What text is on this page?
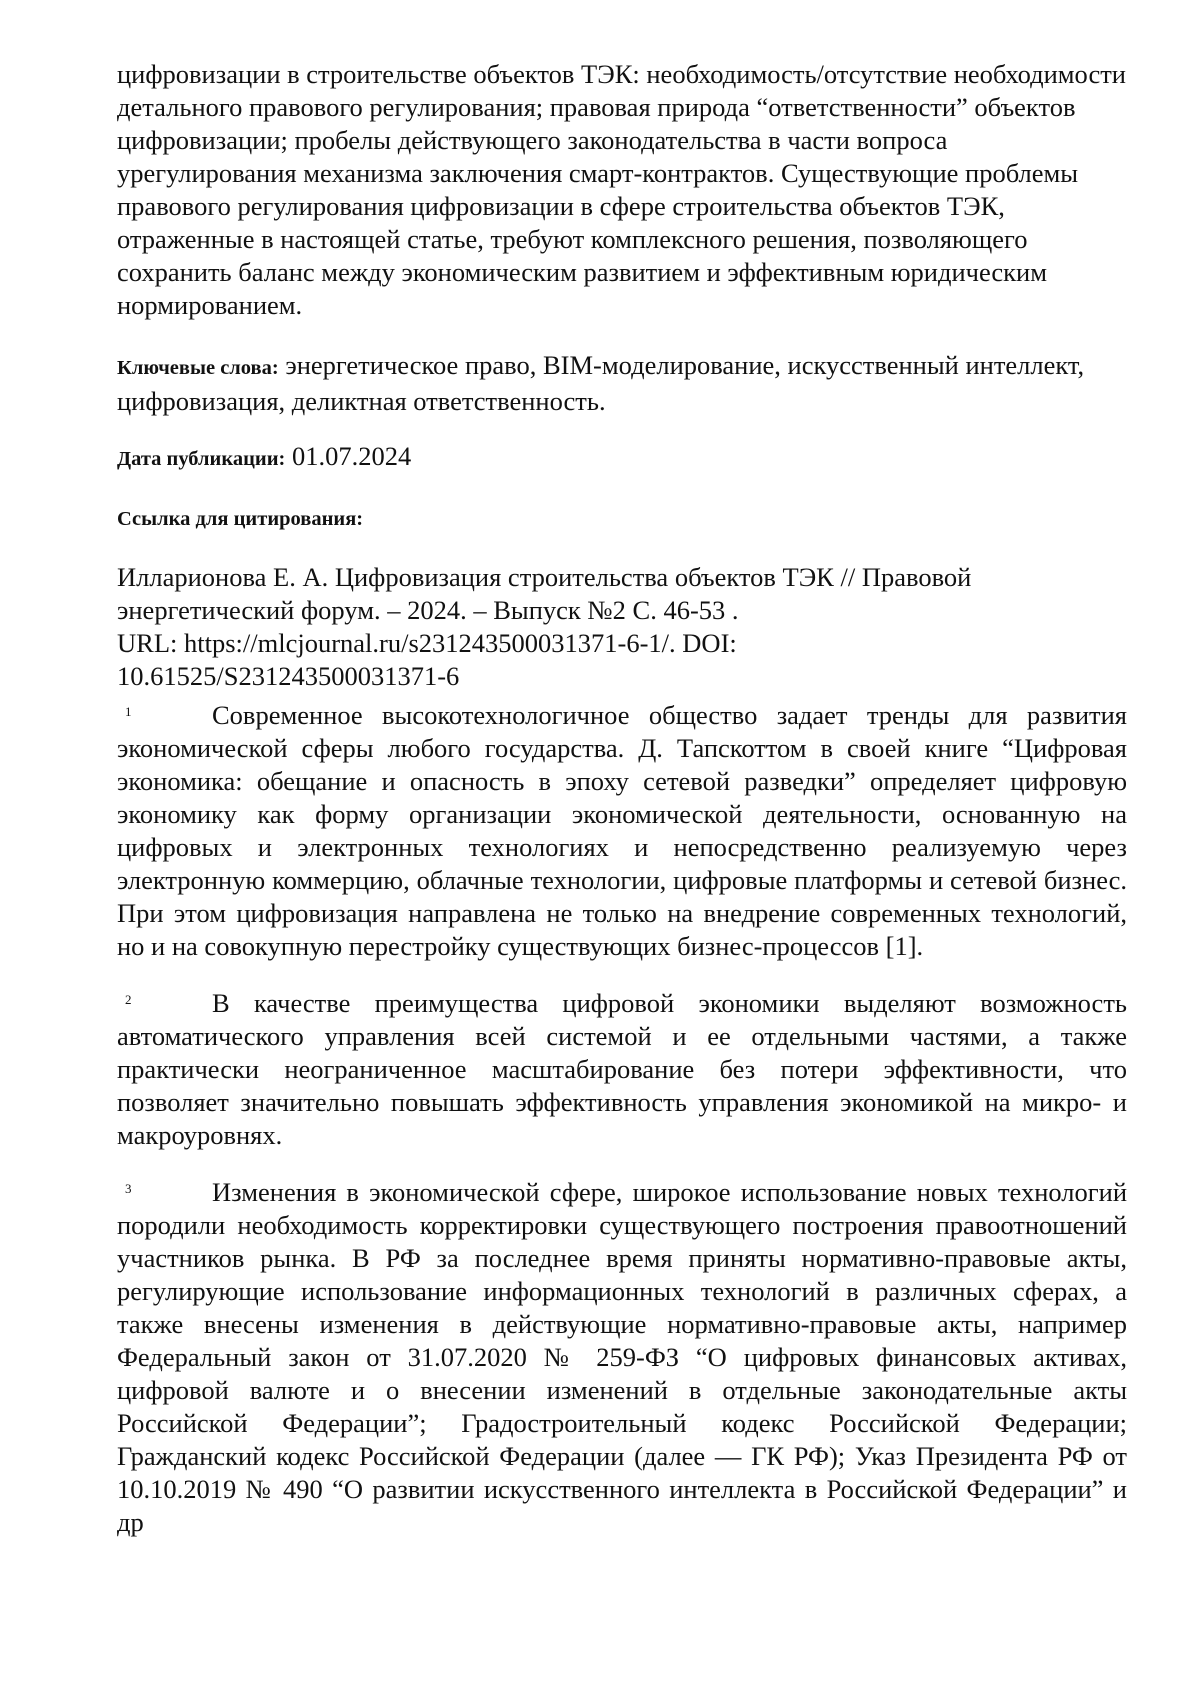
цифровизации в строительстве объектов ТЭК: необходимость/отсутствие необходимости детального правового регулирования; правовая природа “ответственности” объектов цифровизации; пробелы действующего законодательства в части вопроса урегулирования механизма заключения смарт-контрактов. Существующие проблемы правового регулирования цифровизации в сфере строительства объектов ТЭК, отраженные в настоящей статье, требуют комплексного решения, позволяющего сохранить баланс между экономическим развитием и эффективным юридическим нормированием.

Ключевые слова: энергетическое право, BIM-моделирование, искусственный интеллект, цифровизация, деликтная ответственность.

Дата публикации: 01.07.2024

Ссылка для цитирования:

Илларионова Е. А. Цифровизация строительства объектов ТЭК // Правовой
энергетический форум. – 2024. – Выпуск №2 С. 46-53 .
URL: https://mlcjournal.ru/s231243500031371-6-1/. DOI:
10.61525/S231243500031371-6

1	Современное высокотехнологичное общество задает тренды для развития экономической сферы любого государства. Д. Тапскоттом в своей книге “Цифровая экономика: обещание и опасность в эпоху сетевой разведки” определяет цифровую экономику как форму организации экономической деятельности, основанную на цифровых и электронных технологиях и непосредственно реализуемую через электронную коммерцию, облачные технологии, цифровые платформы и сетевой бизнес. При этом цифровизация направлена не только на внедрение современных технологий, но и на совокупную перестройку существующих бизнес-процессов [1].

2	В качестве преимущества цифровой экономики выделяют возможность автоматического управления всей системой и ее отдельными частями, а также практически неограниченное масштабирование без потери эффективности, что позволяет значительно повышать эффективность управления экономикой на микро- и макроуровнях.

3	Изменения в экономической сфере, широкое использование новых технологий породили необходимость корректировки существующего построения правоотношений участников рынка. В РФ за последнее время приняты нормативно-правовые акты, регулирующие использование информационных технологий в различных сферах, а также внесены изменения в действующие нормативно-правовые акты, например Федеральный закон от 31.07.2020 № 259-ФЗ “О цифровых финансовых активах, цифровой валюте и о внесении изменений в отдельные законодательные акты Российской Федерации”; Градостроительный кодекс Российской Федерации; Гражданский кодекс Российской Федерации (далее — ГК РФ); Указ Президента РФ от 10.10.2019 № 490 “О развитии искусственного интеллекта в Российской Федерации” и др
